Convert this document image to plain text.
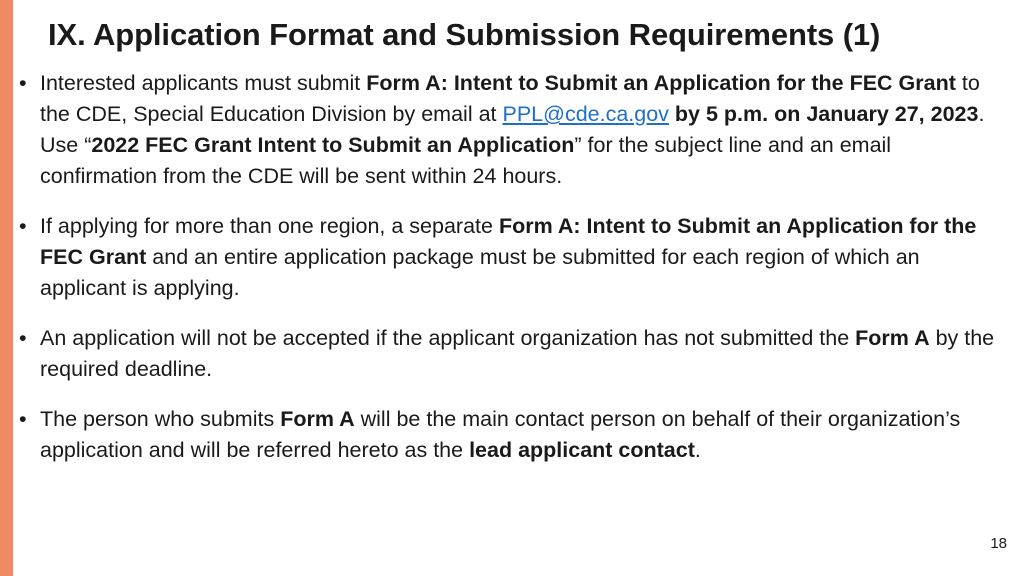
IX. Application Format and Submission Requirements (1)
• Interested applicants must submit Form A: Intent to Submit an Application for the FEC Grant to the CDE, Special Education Division by email at PPL@cde.ca.gov by 5 p.m. on January 27, 2023. Use “2022 FEC Grant Intent to Submit an Application” for the subject line and an email confirmation from the CDE will be sent within 24 hours.
• If applying for more than one region, a separate Form A: Intent to Submit an Application for the FEC Grant and an entire application package must be submitted for each region of which an applicant is applying.
• An application will not be accepted if the applicant organization has not submitted the Form A by the required deadline.
• The person who submits Form A will be the main contact person on behalf of their organization’s application and will be referred hereto as the lead applicant contact.
18
